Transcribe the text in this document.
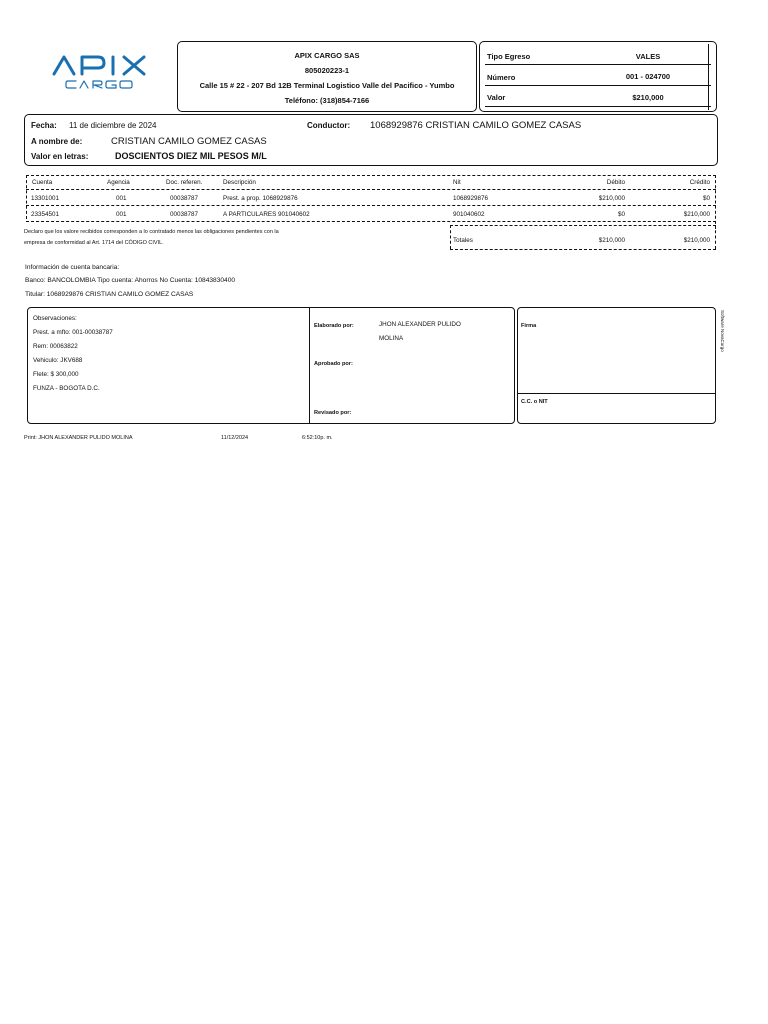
APIX CARGO SAS
805020223-1
Calle 15 # 22 - 207 Bd 12B Terminal Logistico Valle del Pacifico - Yumbo
Teléfono: (318)854-7166
Tipo Egreso	VALES
Número	001 - 024700
Valor	$210,000
Fecha: 11 de diciembre de 2024	Conductor: 1068929876 CRISTIAN CAMILO GOMEZ CASAS
A nombre de:	CRISTIAN CAMILO GOMEZ CASAS
Valor en letras:	DOSCIENTOS DIEZ MIL PESOS M/L
Cuenta	Agencia	Doc. referen.	Descripción	Nit	Débito	Crédito
13301001	001	00038787	Prest. a prop. 1068929876	1068929876	$210,000	$0
23354501	001	00038787	A PARTICULARES 901040602	901040602	$0	$210,000
Totales	$210,000	$210,000
Declaro que los valore recibidos corresponden a lo contratado menos las obligaciones pendientes con la
empresa de conformidad al Art. 1714 del CÓDIGO CIVIL.
Información de cuenta bancaria:
Banco: BANCOLOMBIA Tipo cuenta: Ahorros No Cuenta: 10843830400
Titular: 1068929876 CRISTIAN CAMILO GOMEZ CASAS
Observaciones:
Prest. a mfto: 001-00038787
Rem: 00063822
Vehiculo: JKV688
Flete: $ 300,000
FUNZA - BOGOTA D.C.
Elaborado por:	JHON ALEXANDER PULIDO
MOLINA
Aprobado por:
Revisado por:
Firma
C.C. o NIT
Software NovaCargo
Print: JHON ALEXANDER PULIDO MOLINA	11/12/2024	6:52:10p. m.
